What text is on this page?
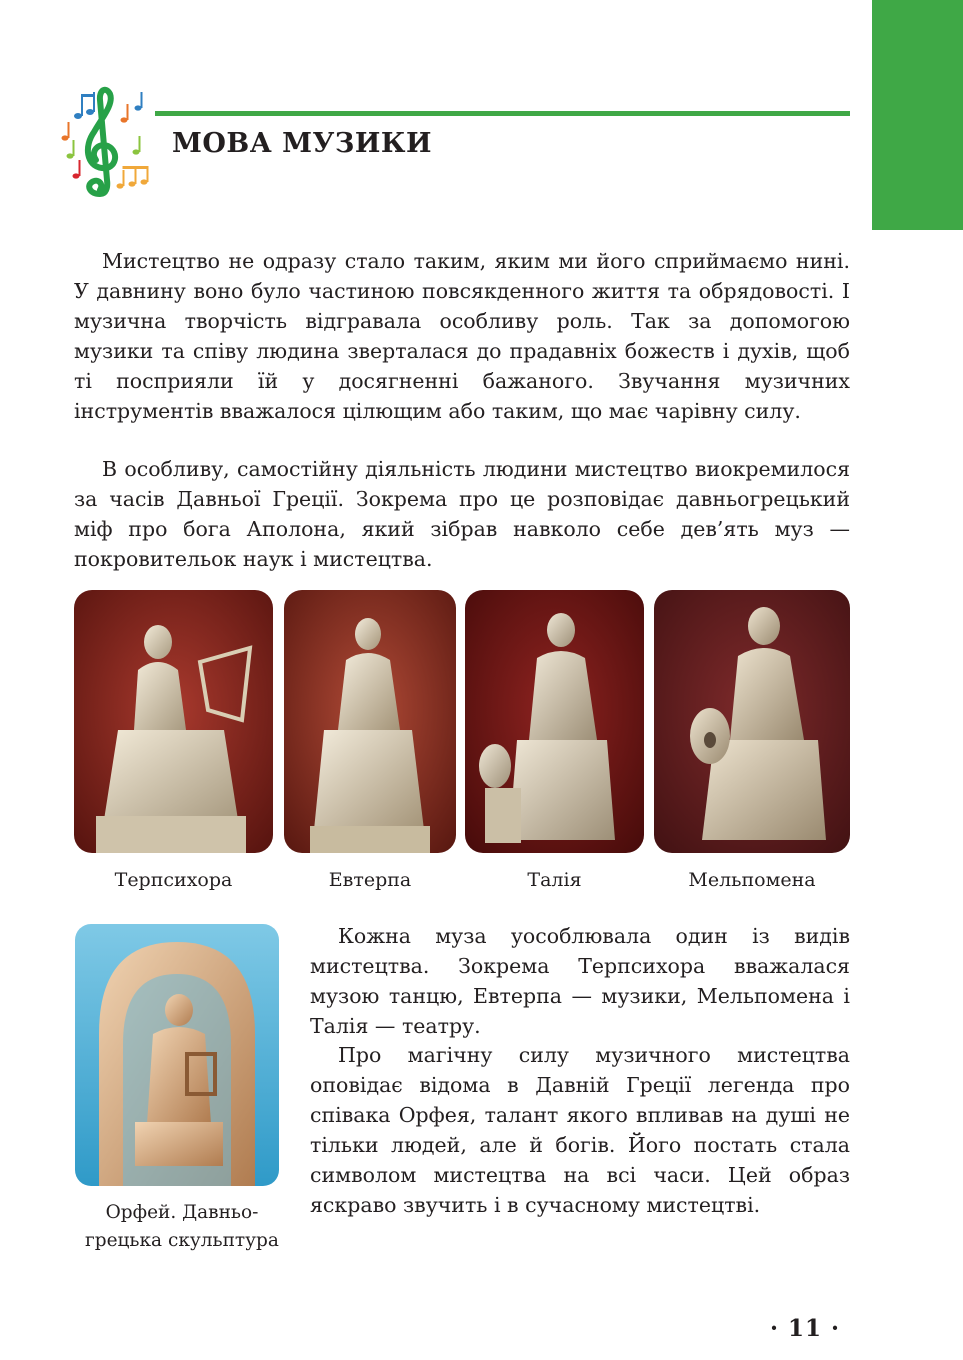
МОВА МУЗИКИ

Мистецтво не одразу стало таким, яким ми його сприймаємо нині. У давнину воно було частиною повсякденного життя та обрядовості. І музична творчість відгравала особливу роль. Так за допомогою музики та співу людина зверталася до прадавніх божеств і духів, щоб ті посприяли їй у досягненні бажаного. Звучання музичних інструментів вважалося цілющим або таким, що має чарівну силу.

В особливу, самостійну діяльність людини мистецтво виокремилося за часів Давньої Греції. Зокрема про це розповідає давньогрецький міф про бога Аполона, який зібрав навколо себе дев’ять муз — покровительок наук і мистецтва.

Терпсихора	Евтерпа	Талія	Мельпомена

Орфей. Давньогрецька скульптура

Кожна муза уособлювала один із видів мистецтва. Зокрема Терпсихора вважалася музою танцю, Евтерпа — музики, Мельпомена і Талія — театру.

Про магічну силу музичного мистецтва оповідає відома в Давній Греції легенда про співака Орфея, талант якого впливав на душі не тільки людей, але й богів. Його постать стала символом мистецтва на всі часи. Цей образ яскраво звучить і в сучасному мистецтві.

· 11 ·
